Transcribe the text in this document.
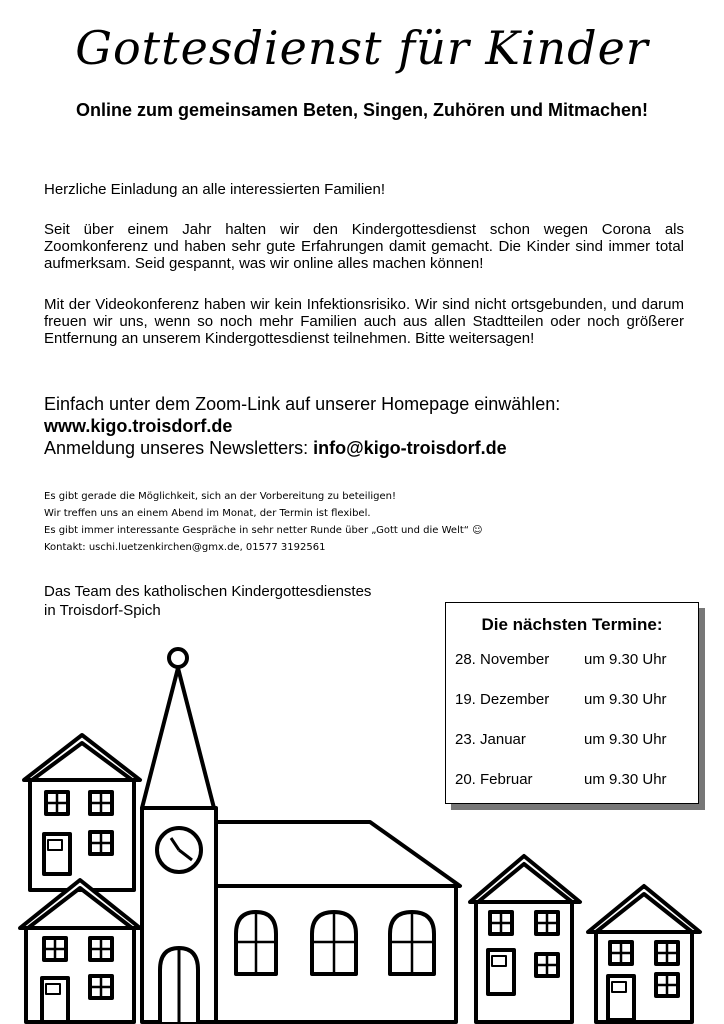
Gottesdienst für Kinder
Online zum gemeinsamen Beten, Singen, Zuhören und Mitmachen!
Herzliche Einladung an alle interessierten Familien!
Seit über einem Jahr halten wir den Kindergottesdienst schon wegen Corona als Zoomkonferenz und haben sehr gute Erfahrungen damit gemacht. Die Kinder sind immer total aufmerksam. Seid gespannt, was wir online alles machen können!
Mit der Videokonferenz haben wir kein Infektionsrisiko. Wir sind nicht ortsgebunden, und darum freuen wir uns, wenn so noch mehr Familien auch aus allen Stadtteilen oder noch größerer Entfernung an unserem Kindergottesdienst teilnehmen. Bitte weitersagen!
Einfach unter dem Zoom-Link auf unserer Homepage einwählen:
www.kigo.troisdorf.de
Anmeldung unseres Newsletters: info@kigo-troisdorf.de
Es gibt gerade die Möglichkeit, sich an der Vorbereitung zu beteiligen!
Wir treffen uns an einem Abend im Monat, der Termin ist flexibel.
Es gibt immer interessante Gespräche in sehr netter Runde über „Gott und die Welt“ ☺
Kontakt: uschi.luetzenkirchen@gmx.de, 01577 3192561
Das Team des katholischen Kindergottesdienstes
in Troisdorf-Spich
Die nächsten Termine:
28. November um 9.30 Uhr
19. Dezember um 9.30 Uhr
23. Januar	um 9.30 Uhr
20. Februar	um 9.30 Uhr
